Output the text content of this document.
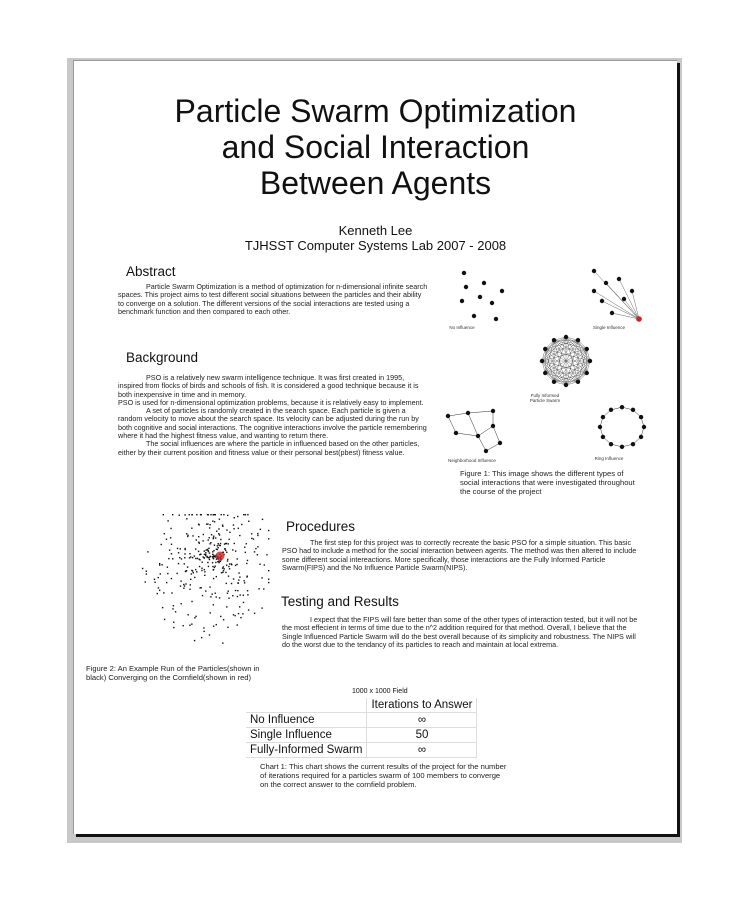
Particle Swarm Optimization
and Social Interaction
Between Agents
Kenneth Lee
TJHSST Computer Systems Lab 2007 - 2008
Abstract

Particle Swarm Optimization is a method of optimization for n-dimensional infinite search spaces. This project aims to test different social situations between the particles and their ability to converge on a solution. The different versions of the social interactions are tested using a benchmark function and then compared to each other.

Background

PSO is a relatively new swarm intelligence technique. It was first created in 1995, inspired from flocks of birds and schools of fish. It is considered a good technique because it is both inexpensive in time and in memory.

PSO is used for n-dimensional optimization problems, because it is relatively easy to implement.

A set of particles is randomly created in the search space. Each particle is given a random velocity to move about the search space. Its velocity can be adjusted during the run by both cognitive and social interactions. The cognitive interactions involve the particle remembering where it had the highest fitness value, and wanting to return there.

The social influences are where the particle in influenced based on the other particles, either by their current position and fitness value or their personal best(pbest) fitness value.

No Influence	Single Influence
Fully Informed Particle Swarm
Neighborhood Influence	Ring Influence
Figure 1: This image shows the different types of social interactions that were investigated throughout the course of the project
Figure 2: An Example Run of the Particles(shown in black) Converging on the Cornfield(shown in red)
Procedures

The first step for this project was to correctly recreate the basic PSO for a simple situation. This basic PSO had to include a method for the social interaction between agents. The method was then altered to include some different social intereactions. More specifically, those interactions are the Fully Informed Particle Swarm(FIPS) and the No Influence Particle Swarm(NIPS).

Testing and Results

I expect that the FIPS will fare better than some of the other types of interaction tested, but it will not be the most effecient in terms of time due to the n^2 addition required for that method. Overall, I believe that the Single Influenced Particle Swarm will do the best overall because of its simplicity and robustness. The NIPS will do the worst due to the tendancy of its particles to reach and maintain at local extrema.

1000 x 1000 Field
	Iterations to Answer
No Influence	∞
Single Influence	50
Fully-Informed Swarm	∞
Chart 1: This chart shows the current results of the project for the number of iterations required for a particles swarm of 100 members to converge on the correct answer to the cornfield problem.
